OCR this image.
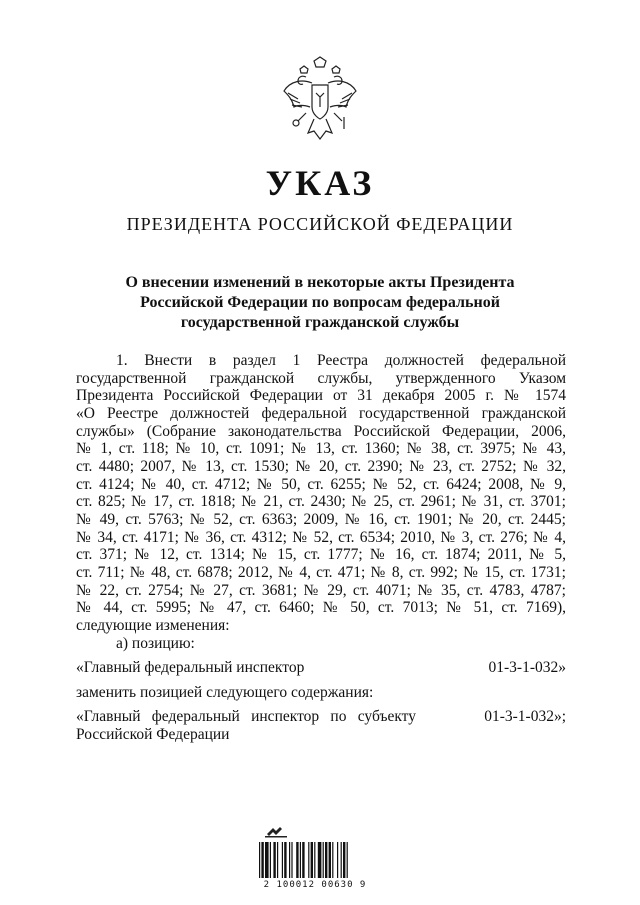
УКАЗ
ПРЕЗИДЕНТА РОССИЙСКОЙ ФЕДЕРАЦИИ
О внесении изменений в некоторые акты Президента
Российской Федерации по вопросам федеральной
государственной гражданской службы
1. Внести в раздел 1 Реестра должностей федеральной
государственной гражданской службы, утвержденного Указом
Президента Российской Федерации от 31 декабря 2005 г. № 1574
«О Реестре должностей федеральной государственной гражданской
службы» (Собрание законодательства Российской Федерации, 2006,
№ 1, ст. 118; № 10, ст. 1091; № 13, ст. 1360; № 38, ст. 3975; № 43,
ст. 4480; 2007, № 13, ст. 1530; № 20, ст. 2390; № 23, ст. 2752; № 32,
ст. 4124; № 40, ст. 4712; № 50, ст. 6255; № 52, ст. 6424; 2008, № 9,
ст. 825; № 17, ст. 1818; № 21, ст. 2430; № 25, ст. 2961; № 31, ст. 3701;
№ 49, ст. 5763; № 52, ст. 6363; 2009, № 16, ст. 1901; № 20, ст. 2445;
№ 34, ст. 4171; № 36, ст. 4312; № 52, ст. 6534; 2010, № 3, ст. 276; № 4,
ст. 371; № 12, ст. 1314; № 15, ст. 1777; № 16, ст. 1874; 2011, № 5,
ст. 711; № 48, ст. 6878; 2012, № 4, ст. 471; № 8, ст. 992; № 15, ст. 1731;
№ 22, ст. 2754; № 27, ст. 3681; № 29, ст. 4071; № 35, ст. 4783, 4787;
№ 44, ст. 5995; № 47, ст. 6460; № 50, ст. 7013; № 51, ст. 7169),
следующие изменения:
а) позицию:
«Главный федеральный инспектор	01-3-1-032»
заменить позицией следующего содержания:
«Главный федеральный инспектор по субъекту	01-3-1-032»;
Российской Федерации
2 100012 00630 9
